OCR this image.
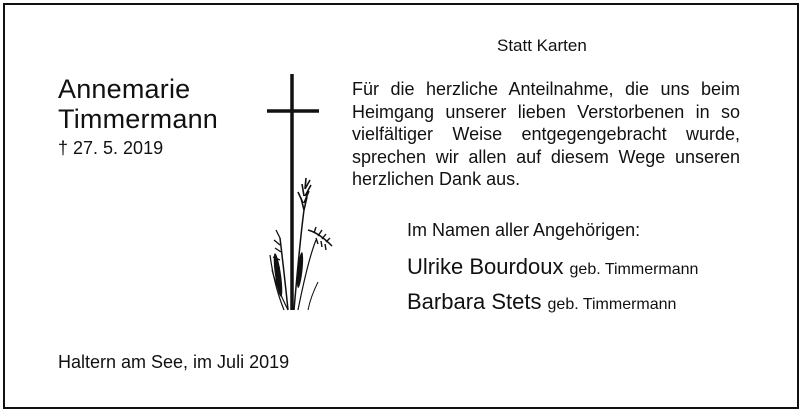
Annemarie
Timmermann
† 27. 5. 2019
Statt Karten
Für die herzliche Anteilnahme, die uns beim Heimgang unserer lieben Verstorbenen in so vielfältiger Weise entgegengebracht wurde, sprechen wir allen auf diesem Wege unseren herzlichen Dank aus.
Im Namen aller Angehörigen:
Ulrike Bourdoux geb. Timmermann
Barbara Stets geb. Timmermann
Haltern am See, im Juli 2019
